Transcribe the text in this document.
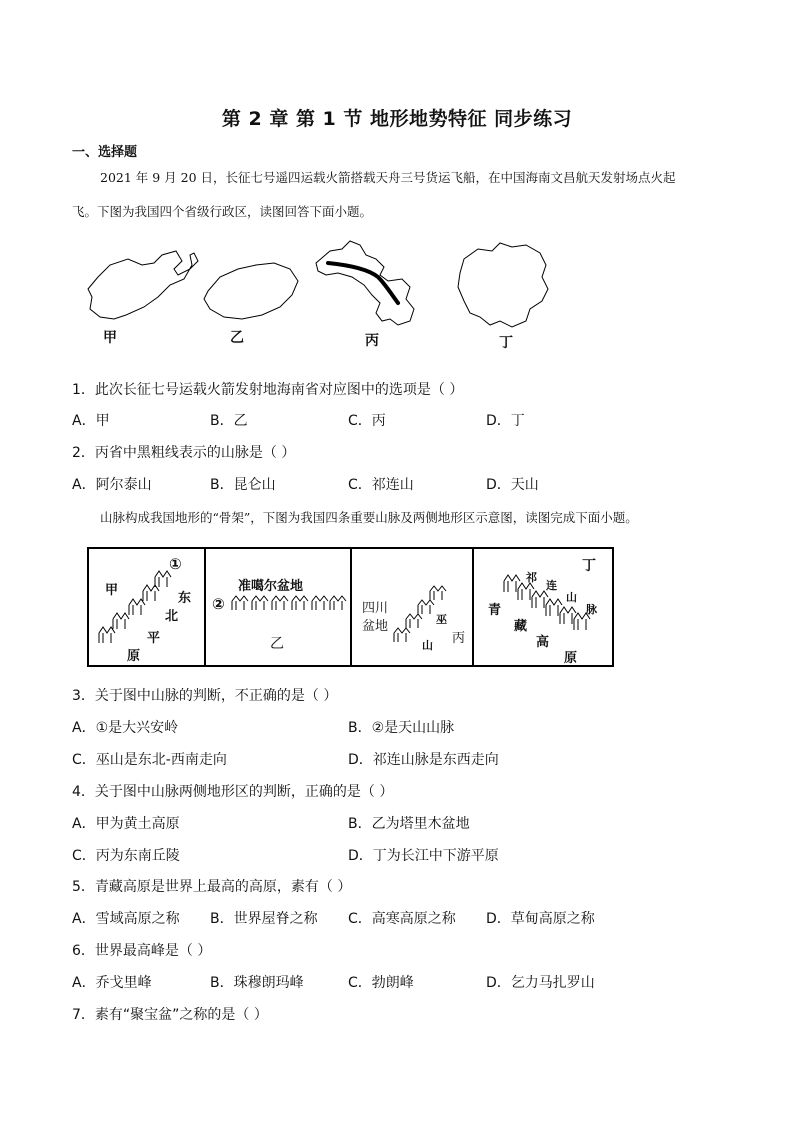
第 2 章 第 1 节 地形地势特征 同步练习
一、选择题
2021 年 9 月 20 日，长征七号遥四运载火箭搭载天舟三号货运飞船，在中国海南文昌航天发射场点火起
飞。下图为我国四个省级行政区，读图回答下面小题。
甲	乙	丙	丁
1．此次长征七号运载火箭发射地海南省对应图中的选项是（ ）
A．甲	B．乙	C．丙	D．丁
2．丙省中黑粗线表示的山脉是（ ）
A．阿尔泰山	B．昆仑山	C．祁连山	D．天山
山脉构成我国地形的“骨架”，下图为我国四条重要山脉及两侧地形区示意图，读图完成下面小题。
①
甲
东
北
平
原
准噶尔盆地
②
乙
四川
盆地	巫
山 丙
丁
祁
连
山
脉
青
藏
高
原
3．关于图中山脉的判断，不正确的是（ ）
A．①是大兴安岭	B．②是天山山脉
C．巫山是东北-西南走向	D．祁连山脉是东西走向
4．关于图中山脉两侧地形区的判断，正确的是（ ）
A．甲为黄土高原	B．乙为塔里木盆地
C．丙为东南丘陵	D．丁为长江中下游平原
5．青藏高原是世界上最高的高原，素有（ ）
A．雪域高原之称 B．世界屋脊之称 C．高寒高原之称 D．草甸高原之称
6．世界最高峰是（ ）
A．乔戈里峰	B．珠穆朗玛峰	C．勃朗峰	D．乞力马扎罗山
7．素有“聚宝盆”之称的是（ ）
